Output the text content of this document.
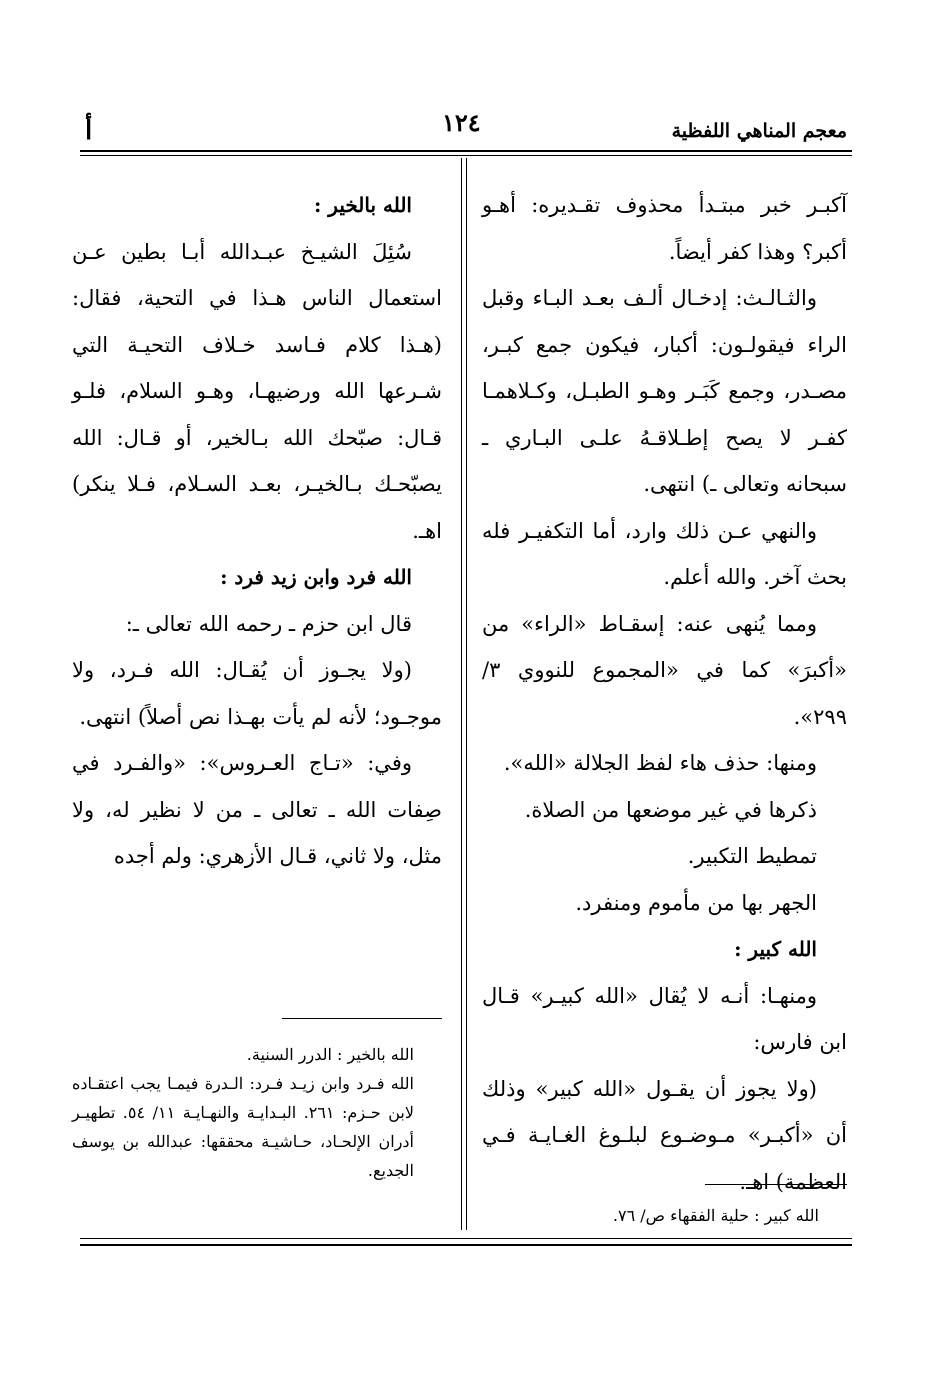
معجم المناهي اللفظية
١٢٤
أ

آكبـر خبر مبتـدأ محذوف تقـديره: أهـو أكبر؟ وهذا كفر أيضاً.

والثـالـث: إدخـال ألـف بعـد البـاء وقبل الراء فيقولـون: أكبار، فيكون جمع كبـر، مصـدر، وجمع كَبَـر وهـو الطبـل، وكـلاهمـا كفـر لا يصح إطـلاقـهُ علـى البـاري ـ سبحانه وتعالى ـ) انتهى.

والنهي عـن ذلك وارد، أما التكفيـر فله بحث آخر. والله أعلم.

ومما يُنهى عنه: إسقـاط «الراء» من «أكبرَ» كما في «المجموع للنووي ٣/ ٢٩٩».

ومنها: حذف هاء لفظ الجلالة «الله».

ذكرها في غير موضعها من الصلاة.

تمطيط التكبير.

الجهر بها من مأموم ومنفرد.

الله كبير :

ومنهـا: أنـه لا يُقال «الله كبيـر» قـال ابن فارس:

(ولا يجوز أن يقـول «الله كبير» وذلك أن «أكبـر» مـوضـوع لبلـوغ الغـايـة فـي العظمة) اهـ.

الله بالخير :

سُئِلَ الشيـخ عبـدالله أبـا بطين عـن استعمال الناس هـذا في التحية، فقال: (هـذا كلام فـاسد خـلاف التحيـة التي شـرعها الله ورضيهـا، وهـو السلام، فلـو قـال: صبّحك الله بـالخير، أو قـال: الله يصبّحـك بـالخيـر، بعـد السـلام، فـلا ينكر) اهـ.

الله فرد وابن زيد فرد :

قال ابن حزم ـ رحمه الله تعالى ـ:

(ولا يجـوز أن يُقـال: الله فـرد، ولا موجـود؛ لأنه لم يأت بهـذا نص أصلاً) انتهى.

وفي: «تـاج العـروس»: «والفـرد في صِفات الله ـ تعالى ـ من لا نظير له، ولا مثل، ولا ثاني، قـال الأزهري: ولم أجده

الله بالخير : الدرر السنية.

الله فـرد وابن زيـد فـرد: الـدرة فيمـا يجب اعتقـاده لابن حـزم: ٢٦١. البـدايـة والنهـايـة ١١/ ٥٤. تطهيـر أدران الإلحـاد، حـاشيـة محققها: عبدالله بن يوسف الجديع.

الله كبير : حلية الفقهاء ص/ ٧٦.
